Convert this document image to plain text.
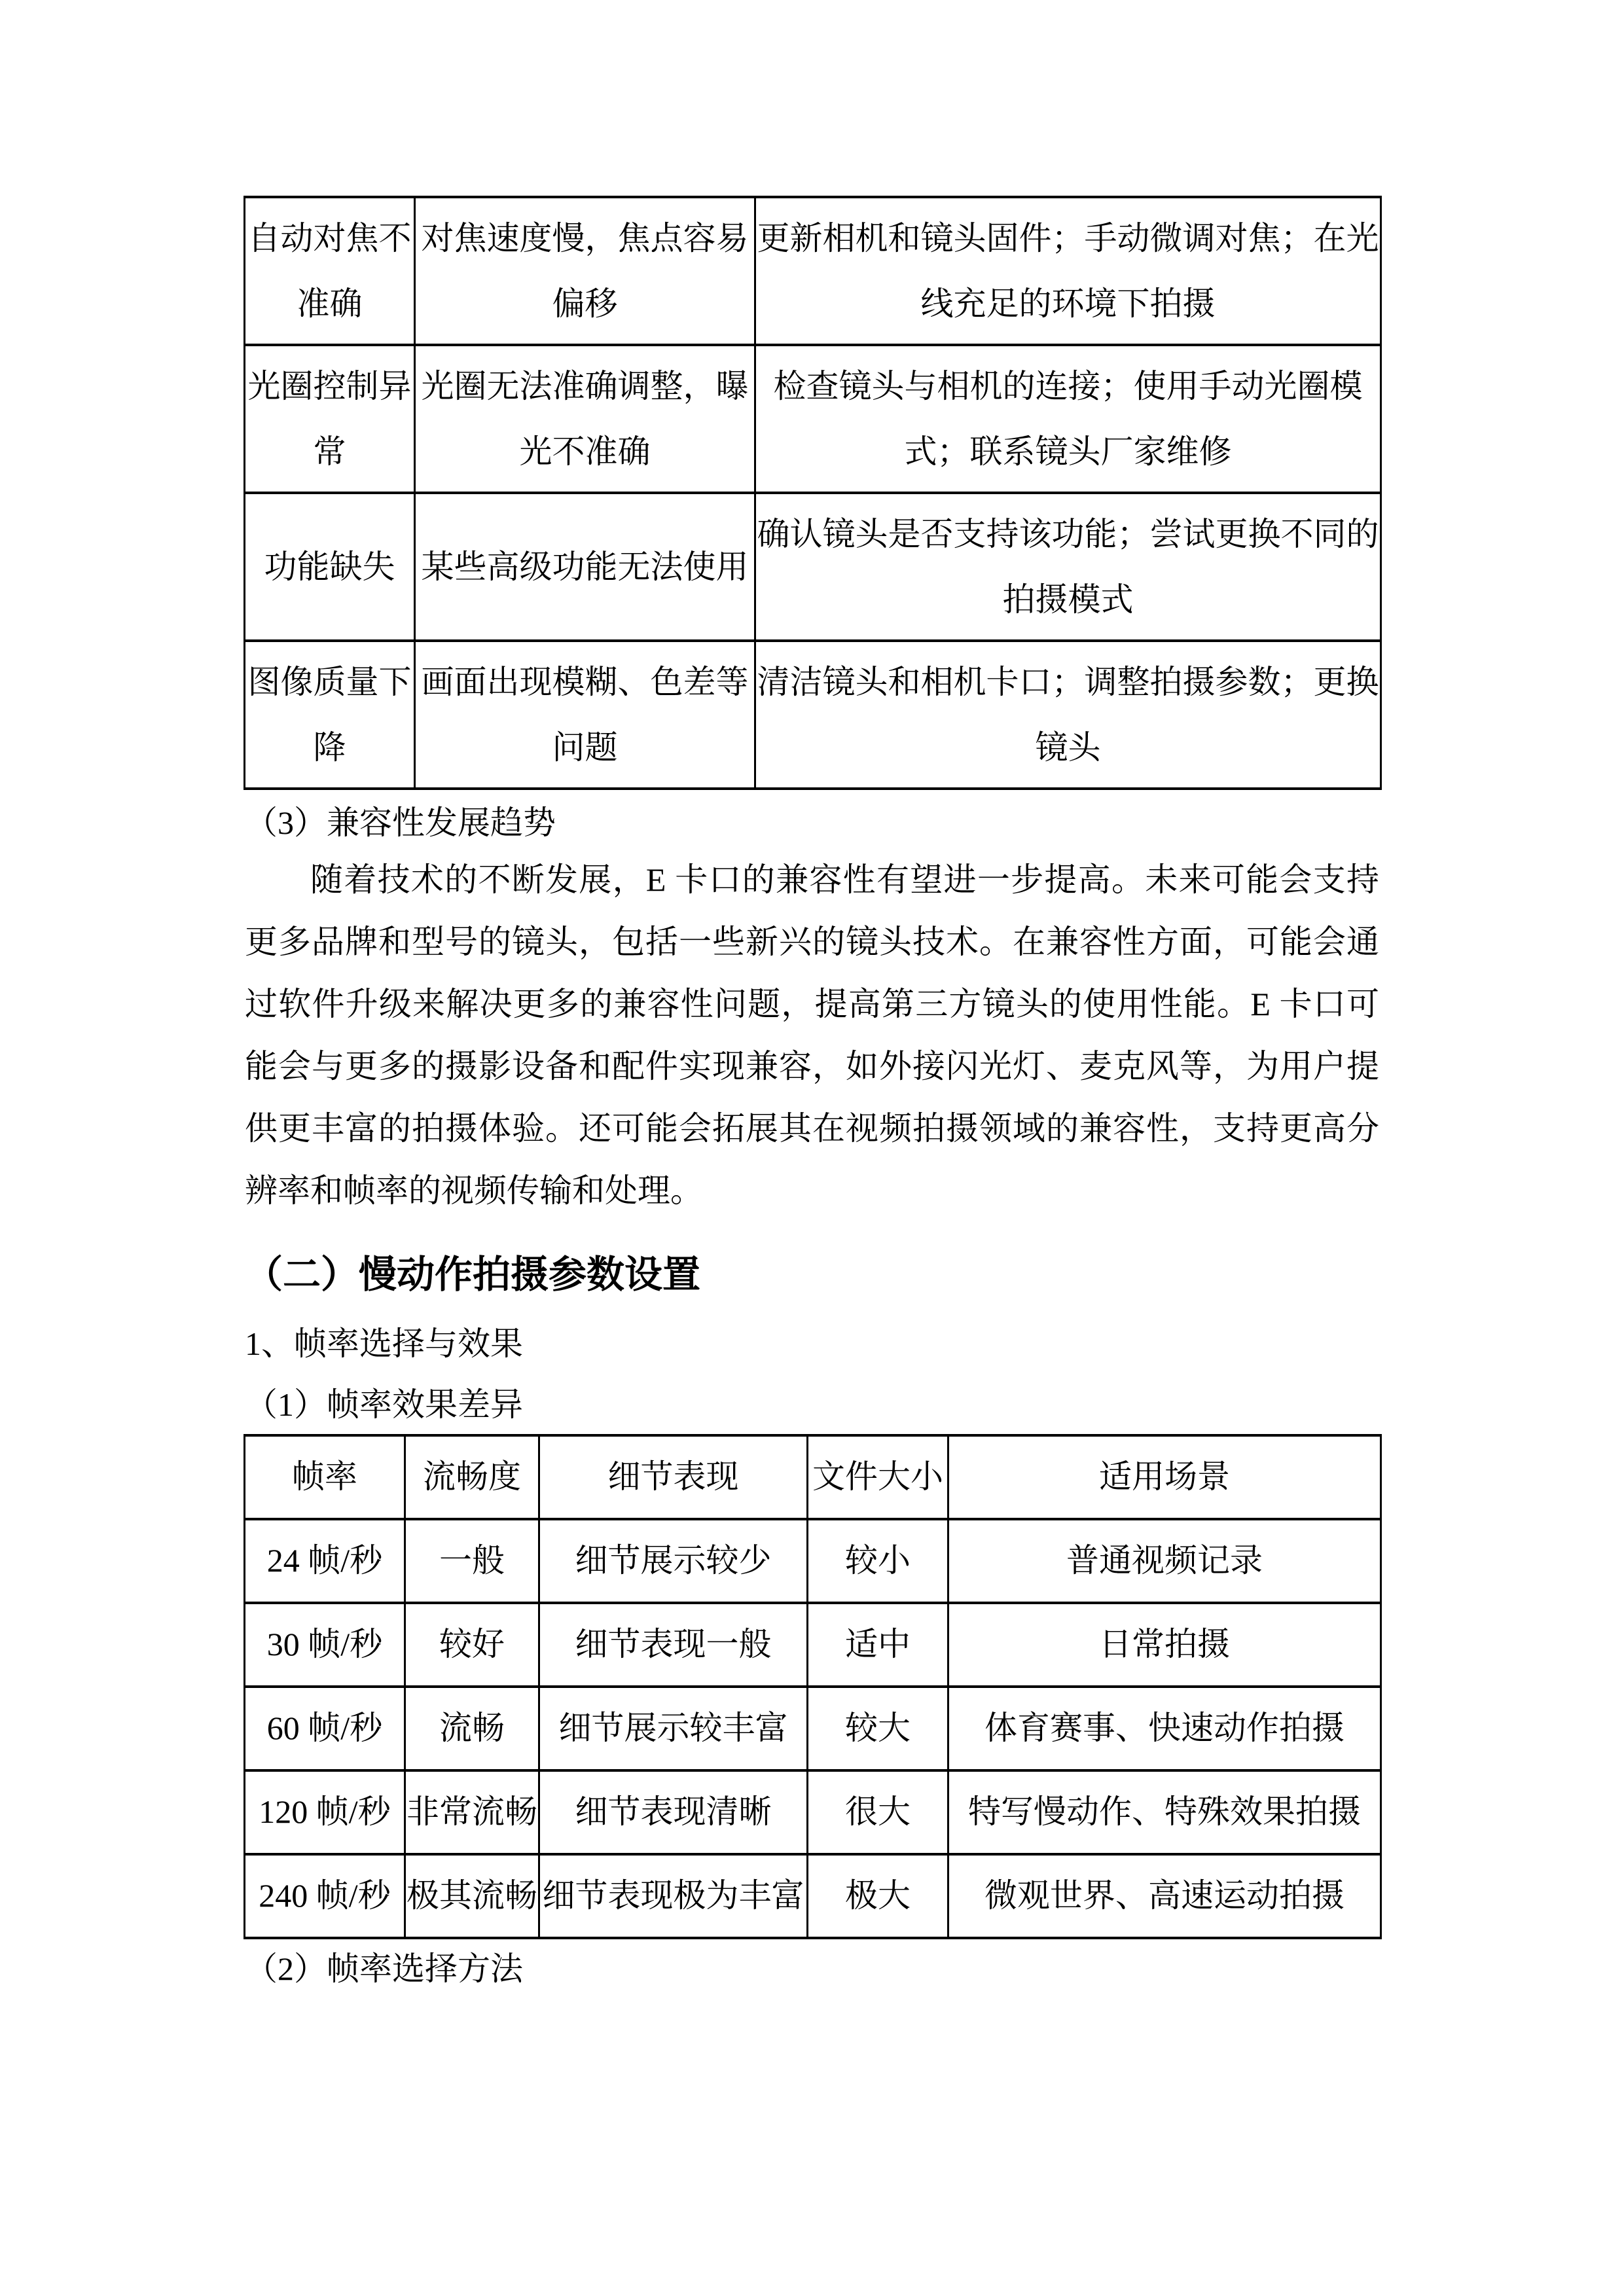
自动对焦不准确	对焦速度慢，焦点容易偏移	更新相机和镜头固件；手动微调对焦；在光线充足的环境下拍摄
光圈控制异常	光圈无法准确调整，曝光不准确	检查镜头与相机的连接；使用手动光圈模式；联系镜头厂家维修
功能缺失	某些高级功能无法使用	确认镜头是否支持该功能；尝试更换不同的拍摄模式
图像质量下降	画面出现模糊、色差等问题	清洁镜头和相机卡口；调整拍摄参数；更换镜头
（3）兼容性发展趋势
随着技术的不断发展，E 卡口的兼容性有望进一步提高。未来可能会支持
更多品牌和型号的镜头，包括一些新兴的镜头技术。在兼容性方面，可能会通
过软件升级来解决更多的兼容性问题，提高第三方镜头的使用性能。E 卡口可
能会与更多的摄影设备和配件实现兼容，如外接闪光灯、麦克风等，为用户提
供更丰富的拍摄体验。还可能会拓展其在视频拍摄领域的兼容性，支持更高分
辨率和帧率的视频传输和处理。
（二）慢动作拍摄参数设置
1、帧率选择与效果
（1）帧率效果差异
帧率	流畅度	细节表现	文件大小	适用场景
24 帧/秒	一般	细节展示较少	较小	普通视频记录
30 帧/秒	较好	细节表现一般	适中	日常拍摄
60 帧/秒	流畅	细节展示较丰富	较大	体育赛事、快速动作拍摄
120 帧/秒	非常流畅	细节表现清晰	很大	特写慢动作、特殊效果拍摄
240 帧/秒	极其流畅	细节表现极为丰富	极大	微观世界、高速运动拍摄
（2）帧率选择方法
